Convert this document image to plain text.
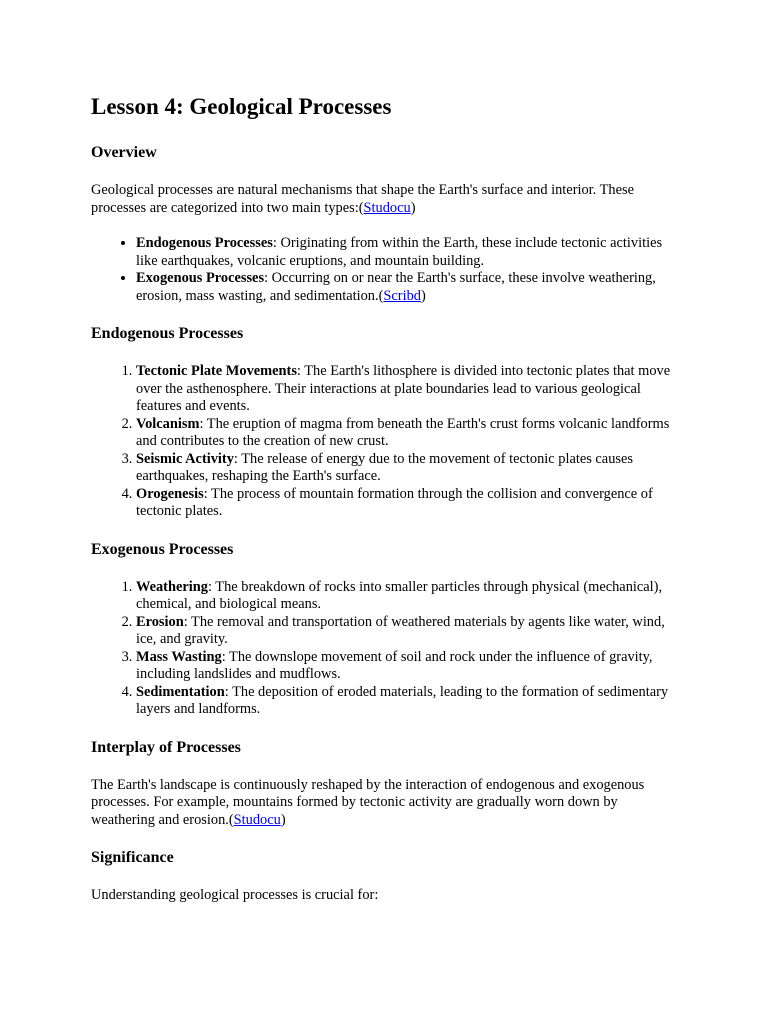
Lesson 4: Geological Processes
Overview

Geological processes are natural mechanisms that shape the Earth's surface and interior. These processes are categorized into two main types:(Studocu)

• Endogenous Processes: Originating from within the Earth, these include tectonic activities like earthquakes, volcanic eruptions, and mountain building.
• Exogenous Processes: Occurring on or near the Earth's surface, these involve weathering, erosion, mass wasting, and sedimentation.(Scribd)
Endogenous Processes
1. Tectonic Plate Movements: The Earth's lithosphere is divided into tectonic plates that move over the asthenosphere. Their interactions at plate boundaries lead to various geological features and events.
2. Volcanism: The eruption of magma from beneath the Earth's crust forms volcanic landforms and contributes to the creation of new crust.
3. Seismic Activity: The release of energy due to the movement of tectonic plates causes earthquakes, reshaping the Earth's surface.
4. Orogenesis: The process of mountain formation through the collision and convergence of tectonic plates.
Exogenous Processes
1. Weathering: The breakdown of rocks into smaller particles through physical (mechanical), chemical, and biological means.
2. Erosion: The removal and transportation of weathered materials by agents like water, wind, ice, and gravity.
3. Mass Wasting: The downslope movement of soil and rock under the influence of gravity, including landslides and mudflows.
4. Sedimentation: The deposition of eroded materials, leading to the formation of sedimentary layers and landforms.
Interplay of Processes

The Earth's landscape is continuously reshaped by the interaction of endogenous and exogenous processes. For example, mountains formed by tectonic activity are gradually worn down by weathering and erosion.(Studocu)

Significance

Understanding geological processes is crucial for:
